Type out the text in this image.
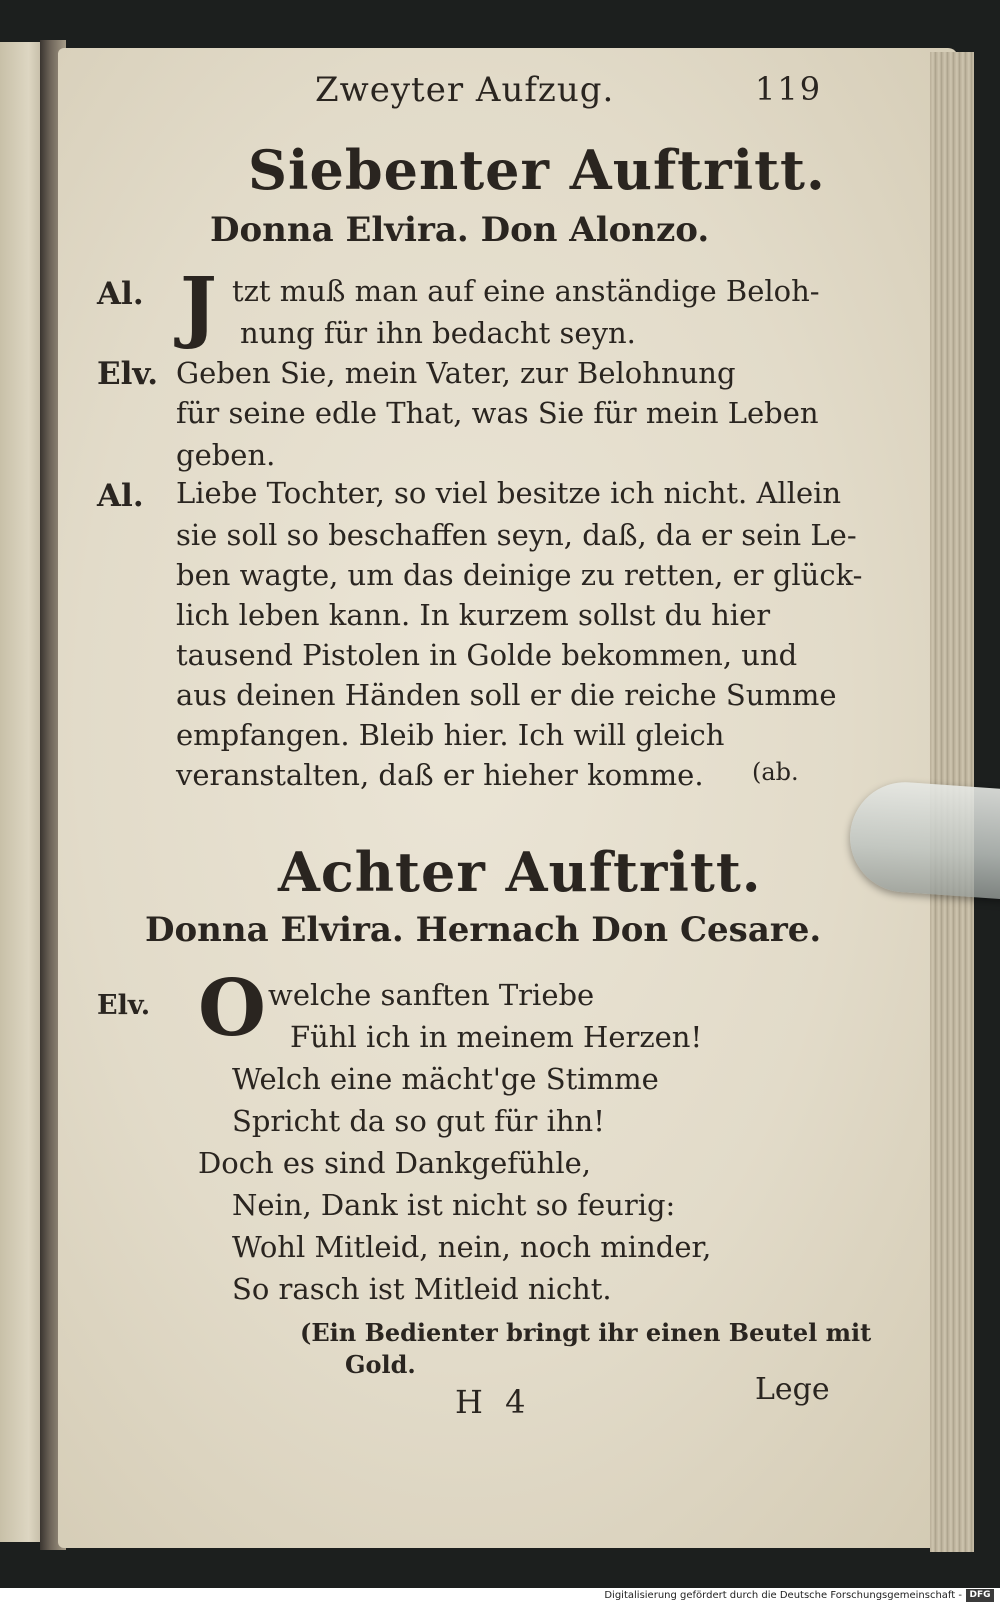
Zweyter Aufzug.	119
Siebenter Auftritt.
Donna Elvira. Don Alonzo.
Al. J tzt muß man auf eine anständige Beloh-
nung für ihn bedacht seyn.
Elv. Geben Sie, mein Vater, zur Belohnung
für seine edle That, was Sie für mein Leben
geben.
Al. Liebe Tochter, so viel besitze ich nicht. Allein
sie soll so beschaffen seyn, daß, da er sein Le-
ben wagte, um das deinige zu retten, er glück-
lich leben kann. In kurzem sollst du hier
tausend Pistolen in Golde bekommen, und
aus deinen Händen soll er die reiche Summe
empfangen. Bleib hier. Ich will gleich
veranstalten, daß er hieher komme. (ab.
Achter Auftritt.
Donna Elvira. Hernach Don Cesare.
Elv. O welche sanften Triebe
Fühl ich in meinem Herzen!
Welch eine mächt'ge Stimme
Spricht da so gut für ihn!
Doch es sind Dankgefühle,
Nein, Dank ist nicht so feurig:
Wohl Mitleid, nein, noch minder,
So rasch ist Mitleid nicht.
(Ein Bedienter bringt ihr einen Beutel mit
Gold.
H 4	Lege
Digitalisierung gefördert durch die Deutsche Forschungsgemeinschaft - DFG
